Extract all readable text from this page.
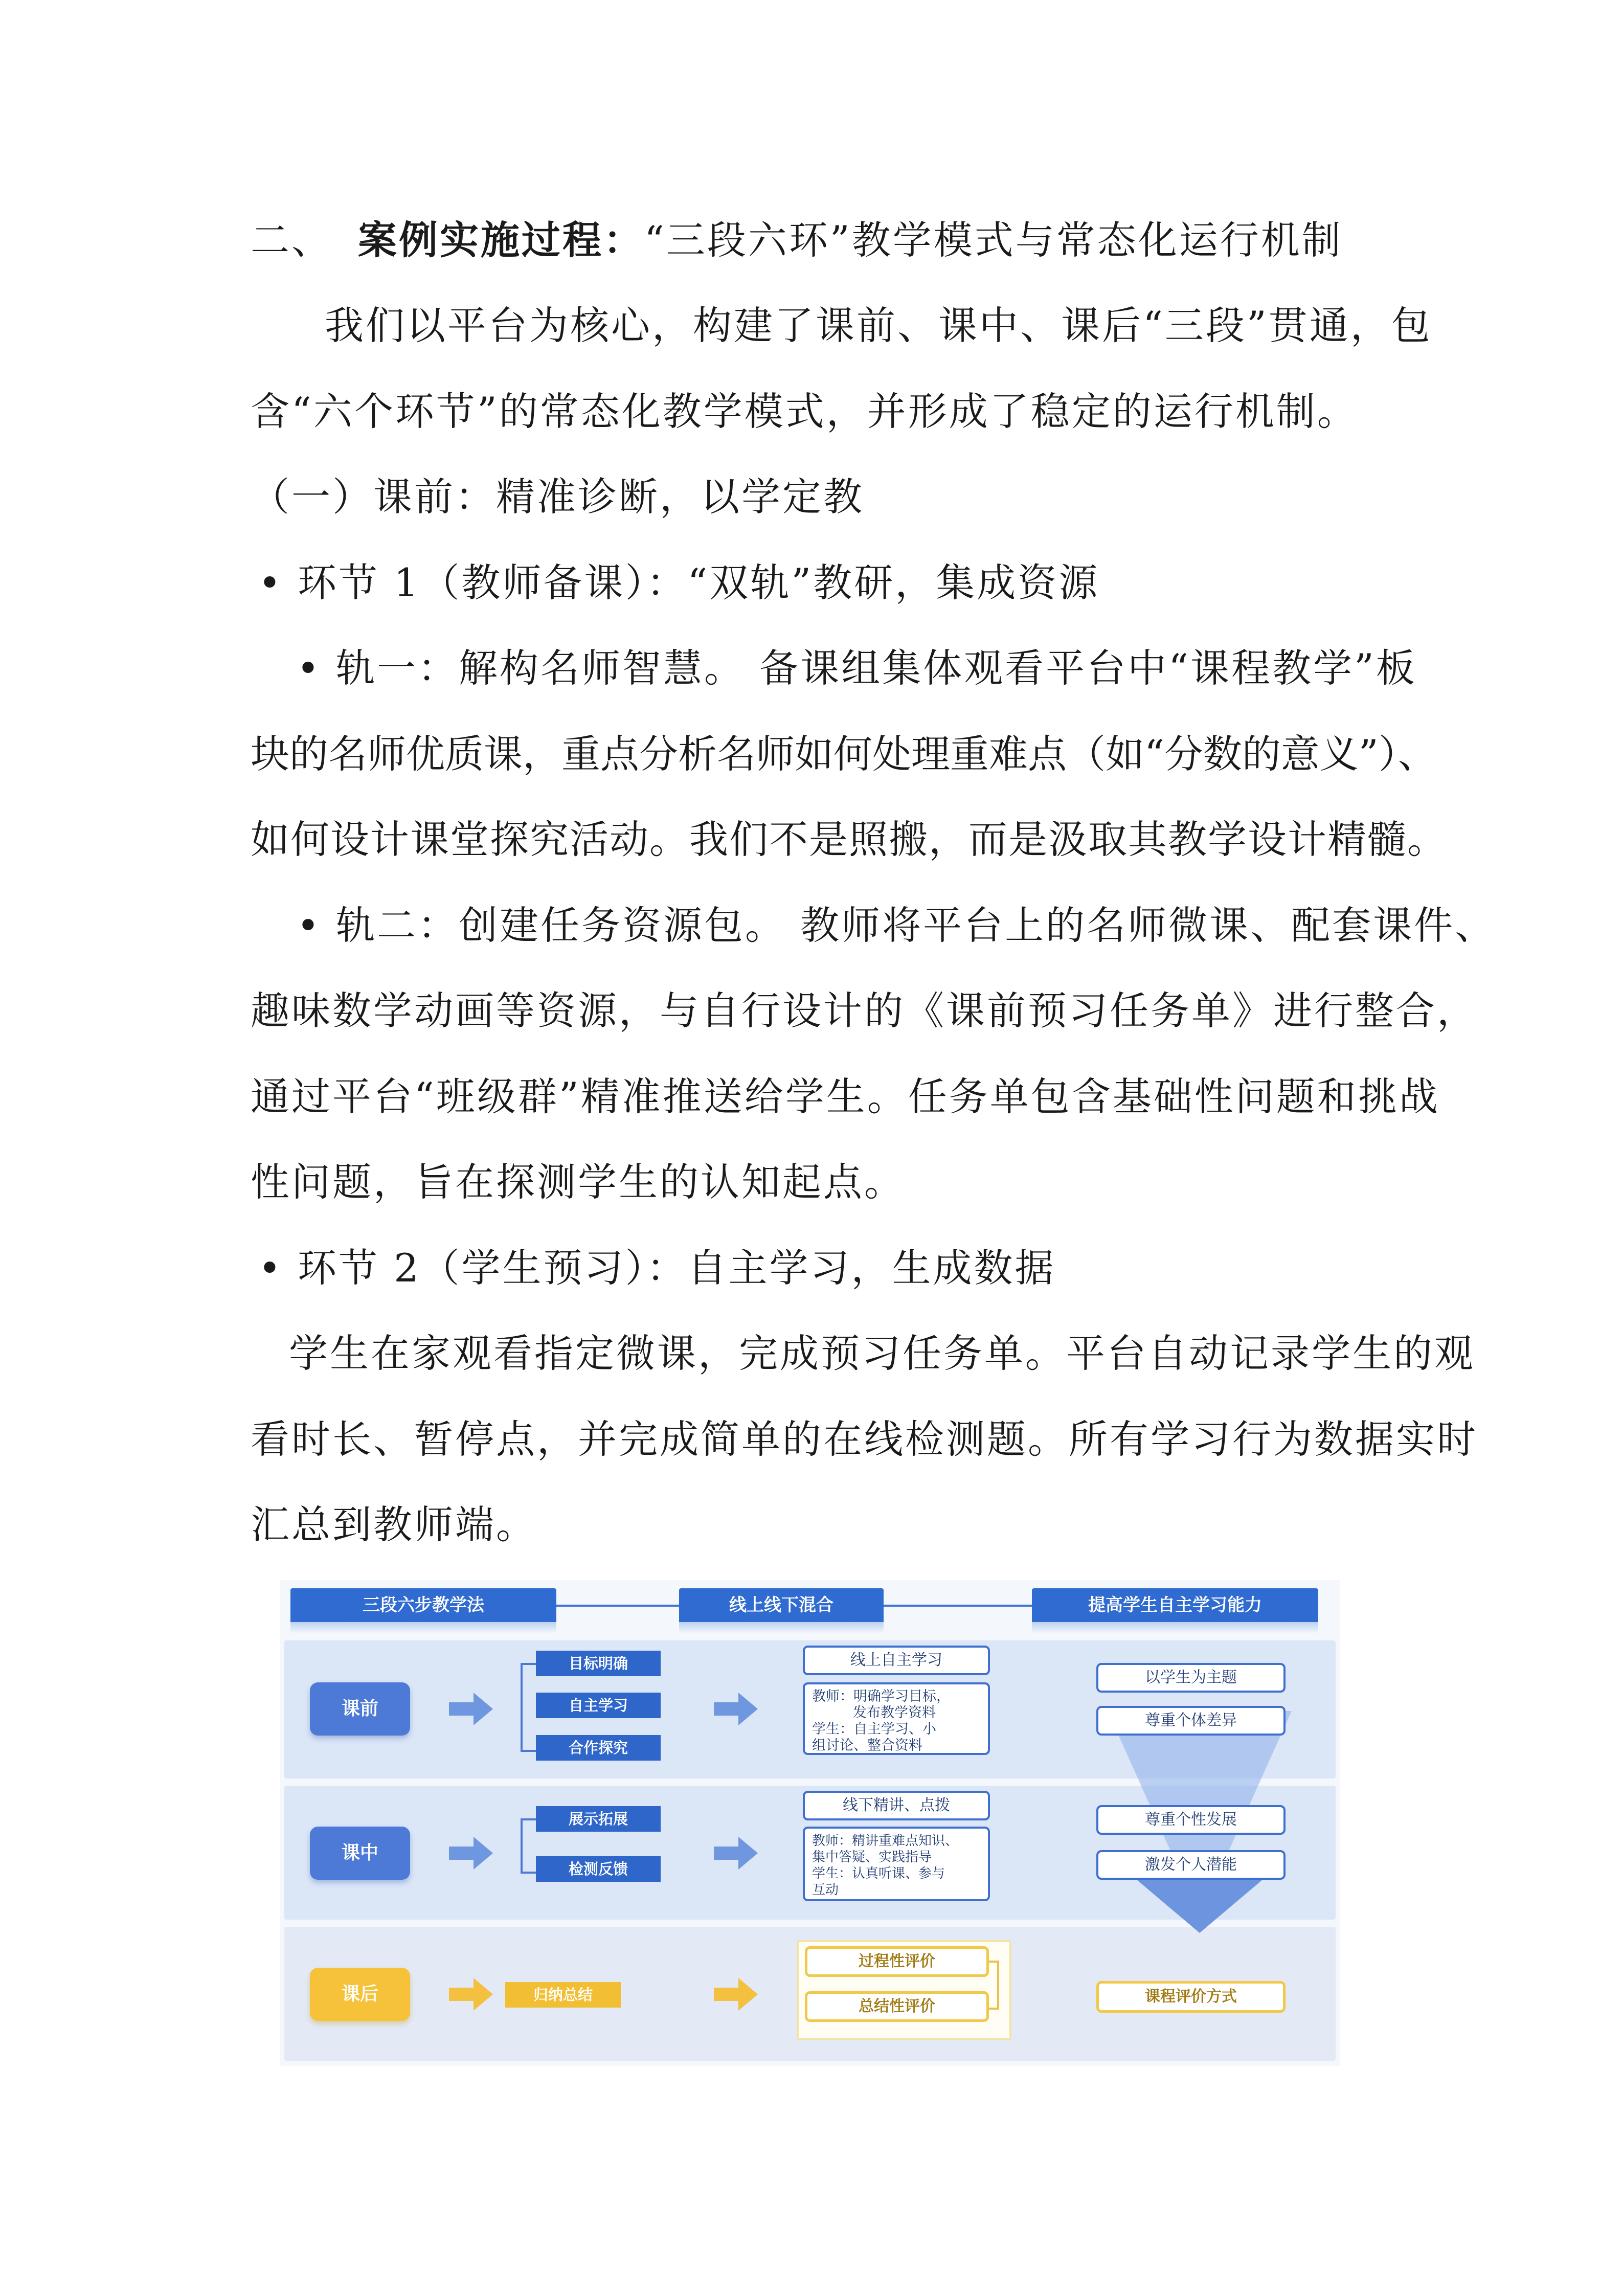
二、 案例实施过程：“三段六环”教学模式与常态化运行机制
我们以平台为核心，构建了课前、课中、课后“三段”贯通，包
含“六个环节”的常态化教学模式，并形成了稳定的运行机制。
（一）课前：精准诊断，以学定教
• 环节 1（教师备课）：“双轨”教研，集成资源
• 轨一：解构名师智慧。 备课组集体观看平台中“课程教学”板
块的名师优质课，重点分析名师如何处理重难点（如“分数的意义”）、
如何设计课堂探究活动。我们不是照搬，而是汲取其教学设计精髓。
• 轨二：创建任务资源包。 教师将平台上的名师微课、配套课件、
趣味数学动画等资源，与自行设计的《课前预习任务单》进行整合，
通过平台“班级群”精准推送给学生。任务单包含基础性问题和挑战
性问题，旨在探测学生的认知起点。
• 环节 2（学生预习）：自主学习，生成数据
学生在家观看指定微课，完成预习任务单。平台自动记录学生的观
看时长、暂停点，并完成简单的在线检测题。所有学习行为数据实时
汇总到教师端。
三段六步教学法	线上线下混合	提高学生自主学习能力
课前
目标明确
自主学习
合作探究
线上自主学习
教师：明确学习目标，
发布教学资料
学生：自主学习、小
组讨论、整合资料
以学生为主题
尊重个体差异
课中
展示拓展
检测反馈
线下精讲、点拨
教师：精讲重难点知识、
集中答疑、实践指导
学生：认真听课、参与
互动
尊重个性发展
激发个人潜能
课后	归纳总结
过程性评价
总结性评价
课程评价方式
